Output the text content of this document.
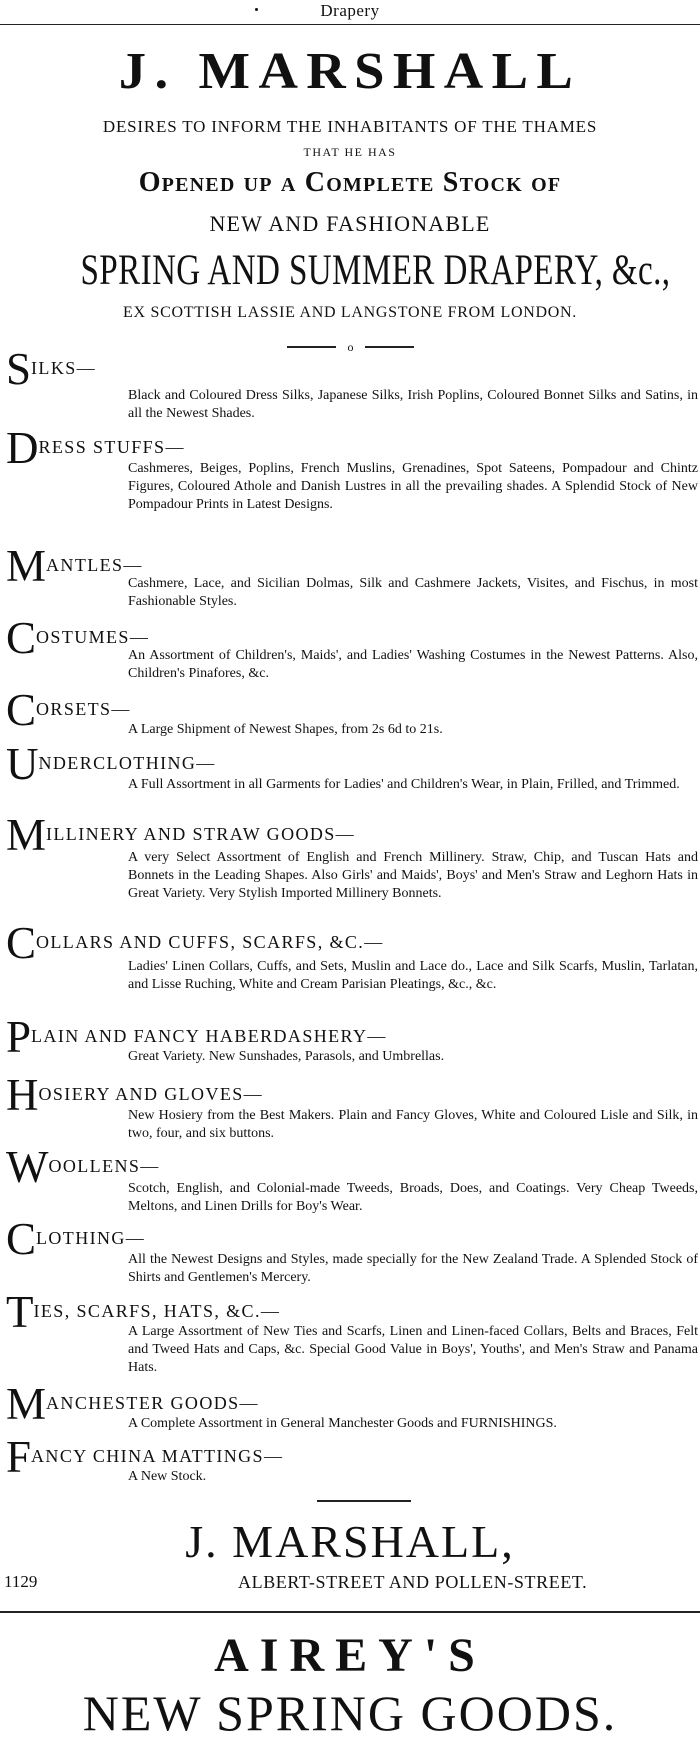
Drapery
J. MARSHALL
DESIRES TO INFORM THE INHABITANTS OF THE THAMES
THAT HE HAS
Opened up a Complete Stock of
NEW AND FASHIONABLE
SPRING AND SUMMER DRAPERY, &c.,
EX SCOTTISH LASSIE AND LANGSTONE FROM LONDON.
o
SILKS—
Black and Coloured Dress Silks, Japanese Silks, Irish Poplins, Coloured Bonnet Silks and Satins, in all the Newest Shades.
DRESS STUFFS—
Cashmeres, Beiges, Poplins, French Muslins, Grenadines, Spot Sateens, Pompadour and Chintz Figures, Coloured Athole and Danish Lustres in all the prevailing shades. A Splendid Stock of New Pompadour Prints in Latest Designs.
MANTLES—
Cashmere, Lace, and Sicilian Dolmas, Silk and Cashmere Jackets, Visites, and Fischus, in most Fashionable Styles.
COSTUMES—
An Assortment of Children's, Maids', and Ladies' Washing Costumes in the Newest Patterns. Also, Children's Pinafores, &c.
CORSETS—
A Large Shipment of Newest Shapes, from 2s 6d to 21s.
UNDERCLOTHING—
A Full Assortment in all Garments for Ladies' and Children's Wear, in Plain, Frilled, and Trimmed.
MILLINERY AND STRAW GOODS—
A very Select Assortment of English and French Millinery. Straw, Chip, and Tuscan Hats and Bonnets in the Leading Shapes. Also Girls' and Maids', Boys' and Men's Straw and Leghorn Hats in Great Variety. Very Stylish Imported Millinery Bonnets.
COLLARS AND CUFFS, SCARFS, &C.—
Ladies' Linen Collars, Cuffs, and Sets, Muslin and Lace do., Lace and Silk Scarfs, Muslin, Tarlatan, and Lisse Ruching, White and Cream Parisian Pleatings, &c., &c.
PLAIN AND FANCY HABERDASHERY—
Great Variety. New Sunshades, Parasols, and Umbrellas.
HOSIERY AND GLOVES—
New Hosiery from the Best Makers. Plain and Fancy Gloves, White and Coloured Lisle and Silk, in two, four, and six buttons.
WOOLLENS—
Scotch, English, and Colonial-made Tweeds, Broads, Does, and Coatings. Very Cheap Tweeds, Meltons, and Linen Drills for Boy's Wear.
CLOTHING—
All the Newest Designs and Styles, made specially for the New Zealand Trade. A Splended Stock of Shirts and Gentlemen's Mercery.
TIES, SCARFS, HATS, &C.—
A Large Assortment of New Ties and Scarfs, Linen and Linen-faced Collars, Belts and Braces, Felt and Tweed Hats and Caps, &c. Special Good Value in Boys', Youths', and Men's Straw and Panama Hats.
MANCHESTER GOODS—
A Complete Assortment in General Manchester Goods and FURNISHINGS.
FANCY CHINA MATTINGS—
A New Stock.
J. MARSHALL,
1129	ALBERT-STREET AND POLLEN-STREET.
AIREY'S
NEW SPRING GOODS.
